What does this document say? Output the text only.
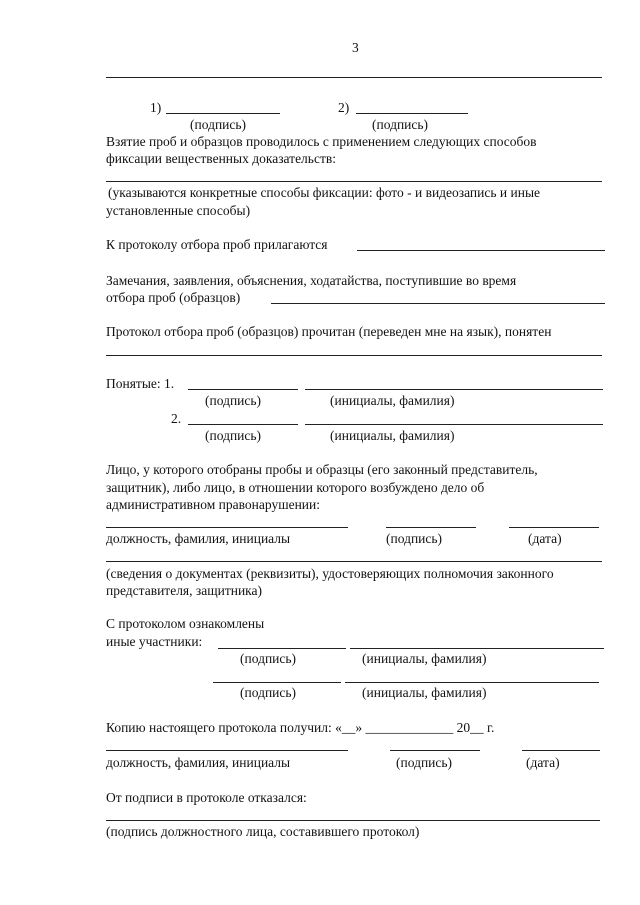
3
1)	2)
(подпись)	(подпись)
Взятие проб и образцов проводилось с применением следующих способов
фиксации вещественных доказательств:
(указываются конкретные способы фиксации: фото - и видеозапись и иные
установленные способы)
К протоколу отбора проб прилагаются
Замечания, заявления, объяснения, ходатайства, поступившие во время
отбора проб (образцов)
Протокол отбора проб (образцов) прочитан (переведен мне на язык), понятен
Понятые: 1.
(подпись)	(инициалы, фамилия)
2.
(подпись)	(инициалы, фамилия)
Лицо, у которого отобраны пробы и образцы (его законный представитель,
защитник), либо лицо, в отношении которого возбуждено дело об
административном правонарушении:
должность, фамилия, инициалы	(подпись)	(дата)
(сведения о документах (реквизиты), удостоверяющих полномочия законного
представителя, защитника)
С протоколом ознакомлены
иные участники:
(подпись)	(инициалы, фамилия)
(подпись)	(инициалы, фамилия)
Копию настоящего протокола получил: «__» _____________ 20__ г.
должность, фамилия, инициалы	(подпись)	(дата)
От подписи в протоколе отказался:
(подпись должностного лица, составившего протокол)
